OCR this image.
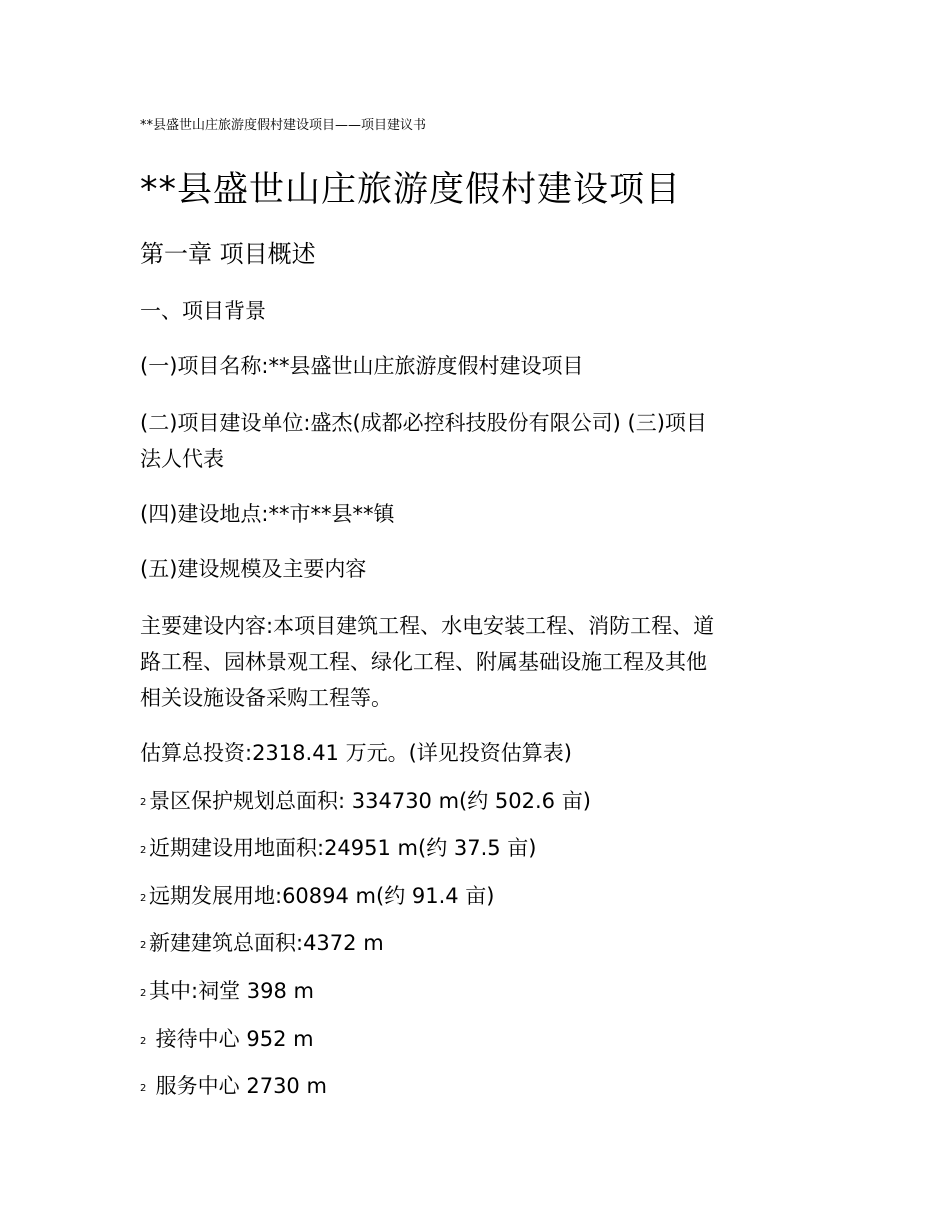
**县盛世山庄旅游度假村建设项目——项目建议书
**县盛世山庄旅游度假村建设项目
第一章 项目概述
一、项目背景
(一)项目名称:**县盛世山庄旅游度假村建设项目
(二)项目建设单位:盛杰(成都必控科技股份有限公司) (三)项目
法人代表
(四)建设地点:**市**县**镇
(五)建设规模及主要内容
主要建设内容:本项目建筑工程、水电安装工程、消防工程、道
路工程、园林景观工程、绿化工程、附属基础设施工程及其他
相关设施设备采购工程等。
估算总投资:2318.41 万元。(详见投资估算表)
2 景区保护规划总面积: 334730 m(约 502.6 亩)
2 近期建设用地面积:24951 m(约 37.5 亩)
2 远期发展用地:60894 m(约 91.4 亩)
2 新建建筑总面积:4372 m
2 其中:祠堂 398 m
2 接待中心 952 m
2 服务中心 2730 m
